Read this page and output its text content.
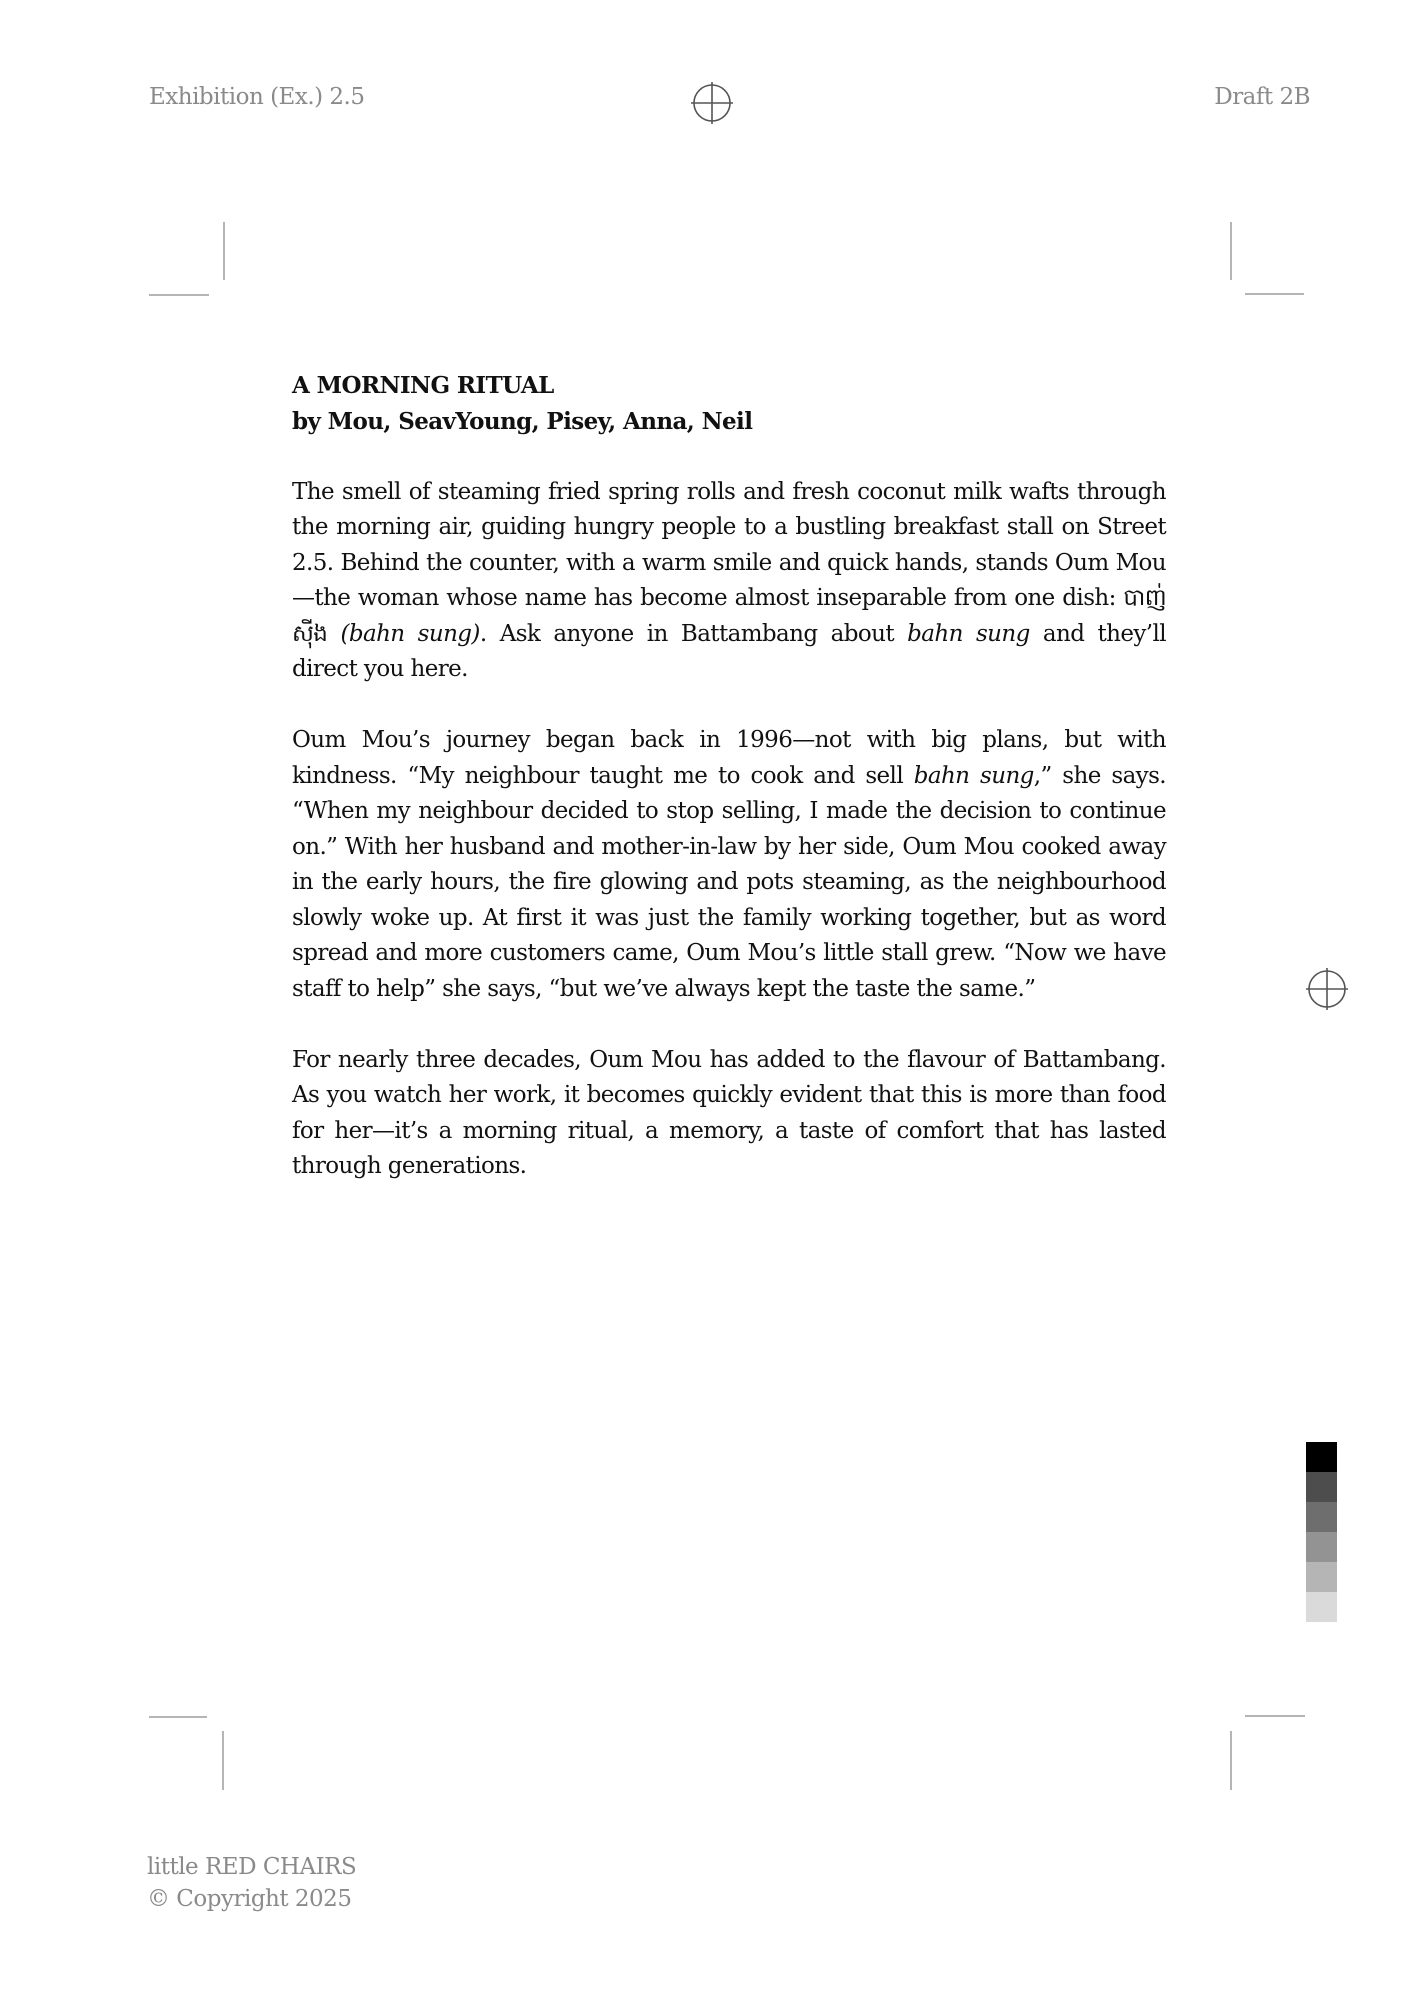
Exhibition (Ex.) 2.5	Draft 2B

A MORNING RITUAL

by Mou, SeavYoung, Pisey, Anna, Neil

The smell of steaming fried spring rolls and fresh coconut milk wafts through the morning air, guiding hungry people to a bustling breakfast stall on Street 2.5. Behind the counter, with a warm smile and quick hands, stands Oum Mou—the woman whose name has become almost inseparable from one dish: បាញ់ស៊ីង (bahn sung). Ask anyone in Battambang about bahn sung and they’ll direct you here.

Oum Mou’s journey began back in 1996—not with big plans, but with kindness. “My neighbour taught me to cook and sell bahn sung,” she says. “When my neighbour decided to stop selling, I made the decision to continue on.” With her husband and mother-in-law by her side, Oum Mou cooked away in the early hours, the fire glowing and pots steaming, as the neighbourhood slowly woke up. At first it was just the family working together, but as word spread and more customers came, Oum Mou’s little stall grew. “Now we have staff to help” she says, “but we’ve always kept the taste the same.”

For nearly three decades, Oum Mou has added to the flavour of Battambang. As you watch her work, it becomes quickly evident that this is more than food for her—it’s a morning ritual, a memory, a taste of comfort that has lasted through generations.

little RED CHAIRS
© Copyright 2025
